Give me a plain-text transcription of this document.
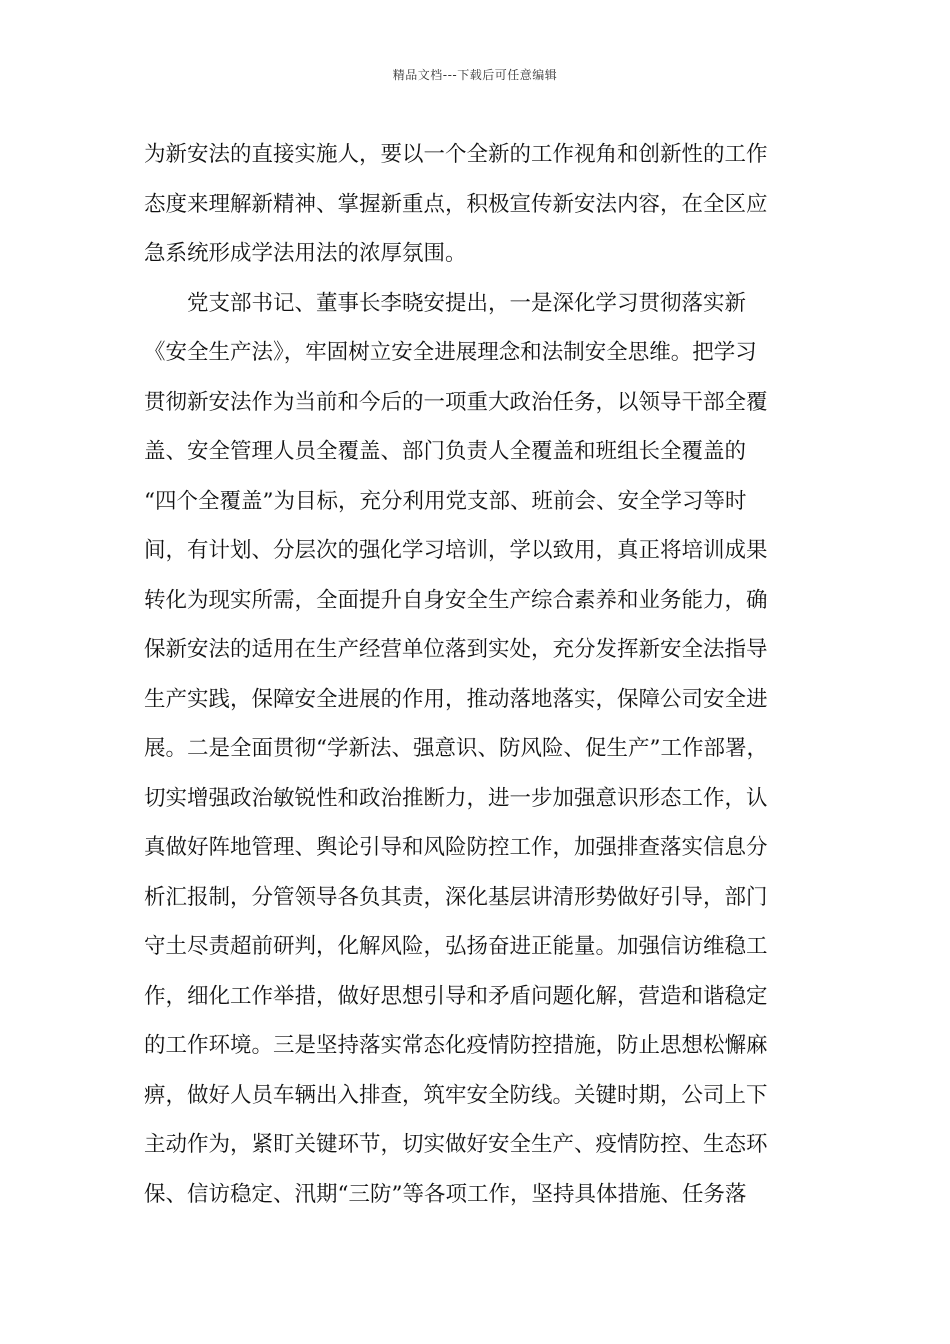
精品文档---下载后可任意编辑
为新安法的直接实施人，要以一个全新的工作视角和创新性的工作
态度来理解新精神、掌握新重点，积极宣传新安法内容，在全区应
急系统形成学法用法的浓厚氛围。
　　党支部书记、董事长李晓安提出，一是深化学习贯彻落实新
《安全生产法》，牢固树立安全进展理念和法制安全思维。把学习
贯彻新安法作为当前和今后的一项重大政治任务，以领导干部全覆
盖、安全管理人员全覆盖、部门负责人全覆盖和班组长全覆盖的
“四个全覆盖”为目标，充分利用党支部、班前会、安全学习等时
间，有计划、分层次的强化学习培训，学以致用，真正将培训成果
转化为现实所需，全面提升自身安全生产综合素养和业务能力，确
保新安法的适用在生产经营单位落到实处，充分发挥新安全法指导
生产实践，保障安全进展的作用，推动落地落实，保障公司安全进
展。二是全面贯彻“学新法、强意识、防风险、促生产”工作部署，
切实增强政治敏锐性和政治推断力，进一步加强意识形态工作，认
真做好阵地管理、舆论引导和风险防控工作，加强排查落实信息分
析汇报制，分管领导各负其责，深化基层讲清形势做好引导，部门
守土尽责超前研判，化解风险，弘扬奋进正能量。加强信访维稳工
作，细化工作举措，做好思想引导和矛盾问题化解，营造和谐稳定
的工作环境。三是坚持落实常态化疫情防控措施，防止思想松懈麻
痹，做好人员车辆出入排查，筑牢安全防线。关键时期，公司上下
主动作为，紧盯关键环节，切实做好安全生产、疫情防控、生态环
保、信访稳定、汛期“三防”等各项工作，坚持具体措施、任务落
